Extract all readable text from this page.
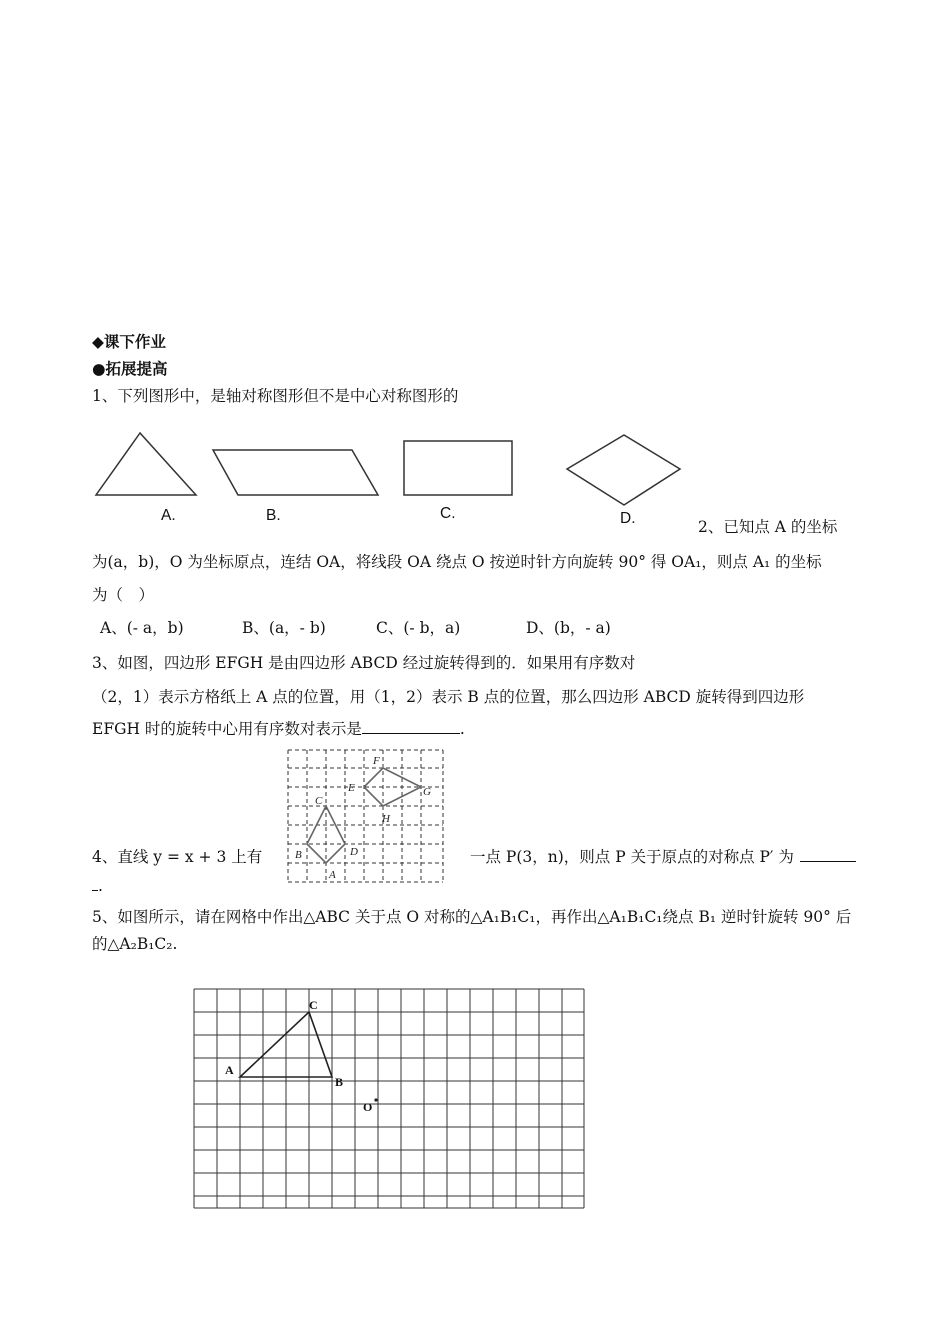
◆课下作业
●拓展提高
1、下列图形中，是轴对称图形但不是中心对称图形的
A.	B.	C.	D.	2、已知点 A 的坐标
为(a，b)，O 为坐标原点，连结 OA，将线段 OA 绕点 O 按逆时针方向旋转 90° 得 OA₁，则点 A₁ 的坐标
为（　）
A、(- a，b)	B、(a，- b)	C、(- b，a)	D、(b，- a)
3、如图，四边形 EFGH 是由四边形 ABCD 经过旋转得到的．如果用有序数对
（2，1）表示方格纸上 A 点的位置，用（1，2）表示 B 点的位置，那么四边形 ABCD 旋转得到四边形
EFGH 时的旋转中心用有序数对表示是	.
F
E	G
C
H
B	D
A
4、直线 y = x + 3 上有	一点 P(3，n)，则点 P 关于原点的对称点 P′ 为
.
5、如图所示，请在网格中作出△ABC 关于点 O 对称的△A₁B₁C₁，再作出△A₁B₁C₁绕点 B₁ 逆时针旋转 90° 后
的△A₂B₁C₂.
A
B
C
O
